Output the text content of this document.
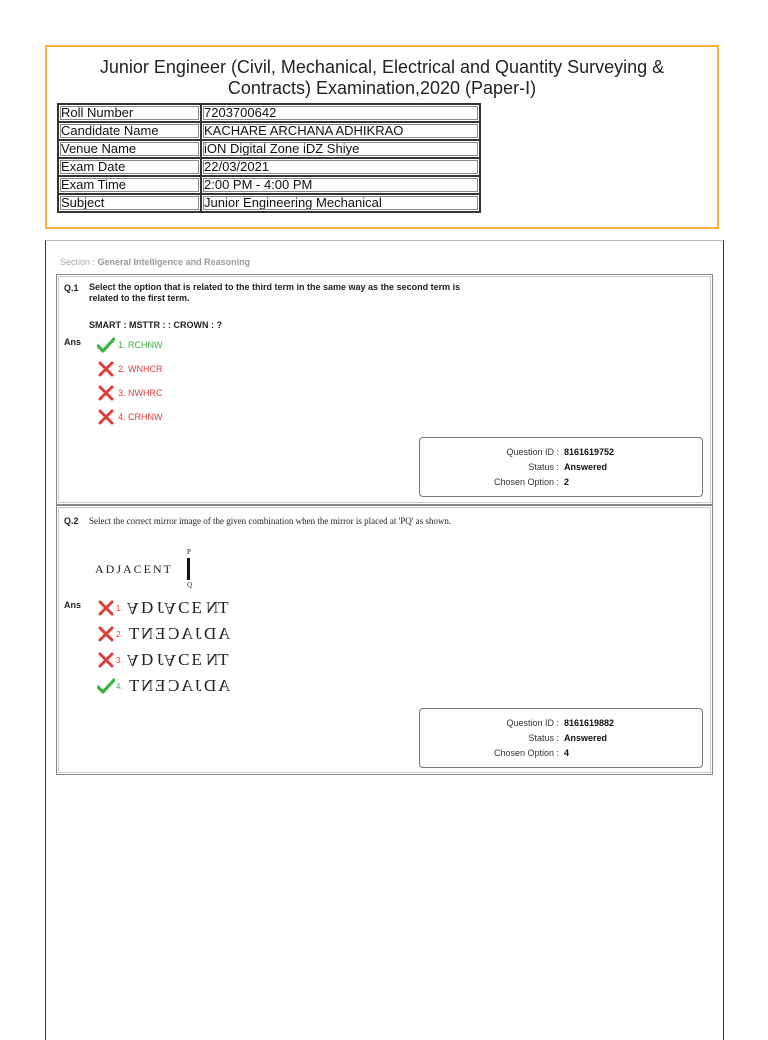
Junior Engineer (Civil, Mechanical, Electrical and Quantity Surveying & Contracts) Examination,2020 (Paper-I)
Roll Number	7203700642
Candidate Name	KACHARE ARCHANA ADHIKRAO
Venue Name	iON Digital Zone iDZ Shiye
Exam Date	22/03/2021
Exam Time	2:00 PM - 4:00 PM
Subject	Junior Engineering Mechanical
Section : General Intelligence and Reasoning
Q.1 Select the option that is related to the third term in the same way as the second term is
related to the first term.
SMART : MSTTR : : CROWN : ?
Ans	1. RCHNW
2. WNHCR
3. NWHRC
4. CRHNW
Question ID : 8161619752
Status : Answered
Chosen Option : 2
Q.2 Select the correct mirror image of the given combination when the mirror is placed at 'PQ' as shown.
ADJACENT
P
Q
Ans	1. ADJACENT
2. TNECAJDA
3. ADJACENT
4. TNECAJDA
Question ID : 8161619882
Status : Answered
Chosen Option : 4
